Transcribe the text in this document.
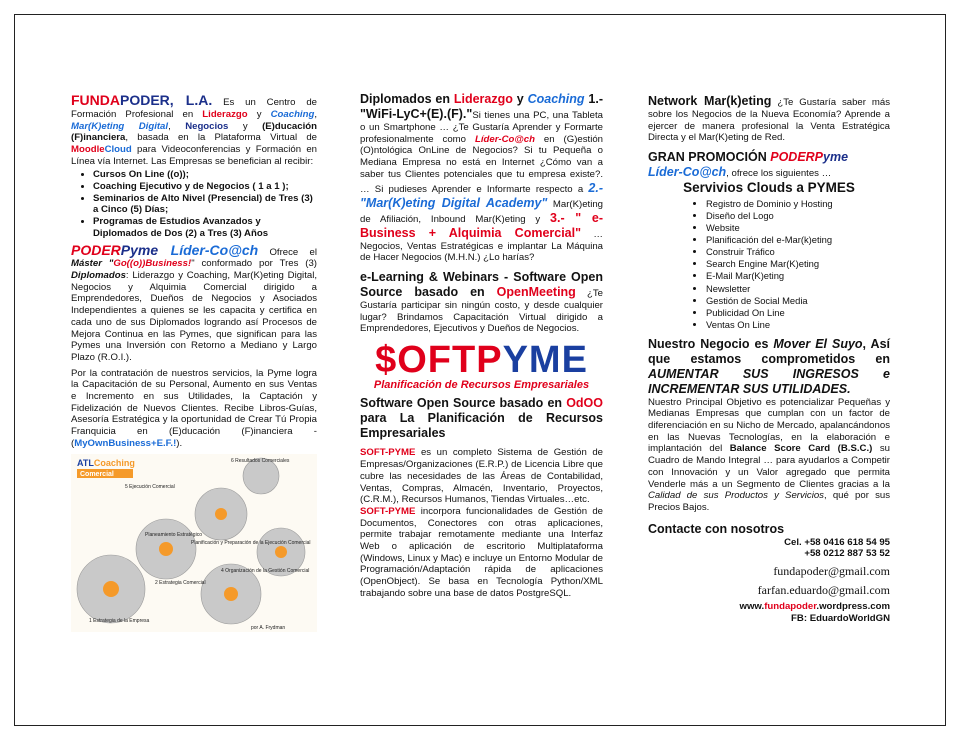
FUNDAPODER, L.A. Es un Centro de Formación Profesional en Liderazgo y Coaching, Mar(K)eting Digital, Negocios y (E)ducación (F)inanciera, basada en la Plataforma Virtual de MoodleCloud para Videoconferencias y Formación en Línea vía Internet. Las Empresas se benefician al recibir:

• Cursos On Line ((o));
• Coaching Ejecutivo y de Negocios ( 1 a 1 );
• Seminarios de Alto Nivel (Presencial) de Tres (3) a Cinco (5) Días;
• Programas de Estudios Avanzados y Diplomados de Dos (2) a Tres (3) Años

PODERPyme Líder-Co@ch Ofrece el Máster "Go((o))Business!" conformado por Tres (3) Diplomados: Liderazgo y Coaching, Mar(K)eting Digital, Negocios y Alquimia Comercial dirigido a Emprendedores, Dueños de Negocios y Asociados Independientes a quienes se les capacita y certifica en cada uno de sus Diplomados logrando así Procesos de Mejora Continua en las Pymes, que significan para las Pymes una Inversión con Retorno a Mediano y Largo Plazo (R.O.I.).

Por la contratación de nuestros servicios, la Pyme logra la Capacitación de su Personal, Aumento en sus Ventas e Incremento en sus Utilidades, la Captación y Fidelización de Nuevos Clientes. Recibe Libros-Guías, Asesoría Estratégica y la oportunidad de Crear Tú Propia Franquicia en (E)ducación (F)inanciera - (MyOwnBusiness+E.F.!).

ATLCoaching
Comercial
1 Estrategia de la Empresa
2 Estrategia Comercial
Planeamiento Estratégico
4 Organización de la Gestión Comercial
5 Ejecución Comercial
6 Resultados Comerciales
Planificación y Preparación de la Ejecución Comercial
por A. Frydman

Diplomados en Liderazgo y Coaching 1.-"WiFi-LyC+(E).(F)."Si tienes una PC, una Tableta o un Smartphone … ¿Te Gustaría Aprender y Formarte profesionalmente como Líder-Co@ch en (G)estión (O)ntológica OnLine de Negocios? Si tu Pequeña o Mediana Empresa no está en Internet ¿Cómo van a saber tus Clientes potenciales que tu empresa existe?. … Si pudieses Aprender e Informarte respecto a 2.- "Mar(K)eting Digital Academy" Mar(K)eting de Afiliación, Inbound Mar(K)eting y 3.- " e-Business + Alquimia Comercial" … Negocios, Ventas Estratégicas e implantar La Máquina de Hacer Negocios (M.H.N.) ¿Lo harías?

e-Learning & Webinars - Software Open Source basado en OpenMeeting ¿Te Gustaría participar sin ningún costo, y desde cualquier lugar? Brindamos Capacitación Virtual dirigido a Emprendedores, Ejecutivos y Dueños de Negocios.

$OFTPYME
Planificación de Recursos Empresariales

Software Open Source basado en OdOO para La Planificación de Recursos Empresariales

SOFT-PYME es un completo Sistema de Gestión de Empresas/Organizaciones (E.R.P.) de Licencia Libre que cubre las necesidades de las Áreas de Contabilidad, Ventas, Compras, Almacén, Inventario, Proyectos, (C.R.M.), Recursos Humanos, Tiendas Virtuales…etc.

SOFT-PYME incorpora funcionalidades de Gestión de Documentos, Conectores con otras aplicaciones, permite trabajar remotamente mediante una Interfaz Web o aplicación de escritorio Multiplataforma (Windows, Linux y Mac) e incluye un Entorno Modular de Programación/Adaptación rápida de aplicaciones (OpenObject). Se basa en Tecnología Python/XML trabajando sobre una base de datos PostgreSQL.

Network Mar(k)eting ¿Te Gustaría saber más sobre los Negocios de la Nueva Economía? Aprende a ejercer de manera profesional la Venta Estratégica Directa y el Mar(K)eting de Red.

GRAN PROMOCIÓN PODERPyme
Líder-Co@ch, ofrece los siguientes …

Servivios Clouds a PYMES

• Registro de Dominio y Hosting
• Diseño del Logo
• Website
• Planificación del e-Mar(k)eting
• Construir Tráfico
• Search Engine Mar(K)eting
• E-Mail Mar(K)eting
• Newsletter
• Gestión de Social Media
• Publicidad On Line
• Ventas On Line

Nuestro Negocio es Mover El Suyo, Así que estamos comprometidos en AUMENTAR SUS INGRESOS e INCREMENTAR SUS UTILIDADES.

Nuestro Principal Objetivo es potencializar Pequeñas y Medianas Empresas que cumplan con un factor de diferenciación en su Nicho de Mercado, apalancándonos en las Nuevas Tecnologías, en la elaboración e implantación del Balance Score Card (B.S.C.) su Cuadro de Mando Integral … para ayudarlos a Competir con Innovación y un Valor agregado que permita Venderle más a un Segmento de Clientes gracias a la Calidad de sus Productos y Servicios, qué por sus Precios Bajos.

Contacte con nosotros

Cel. +58 0416 618 54 95

+58 0212 887 53 52

fundapoder@gmail.com

farfan.eduardo@gmail.com

www.fundapoder.wordpress.com

FB: EduardoWorldGN
